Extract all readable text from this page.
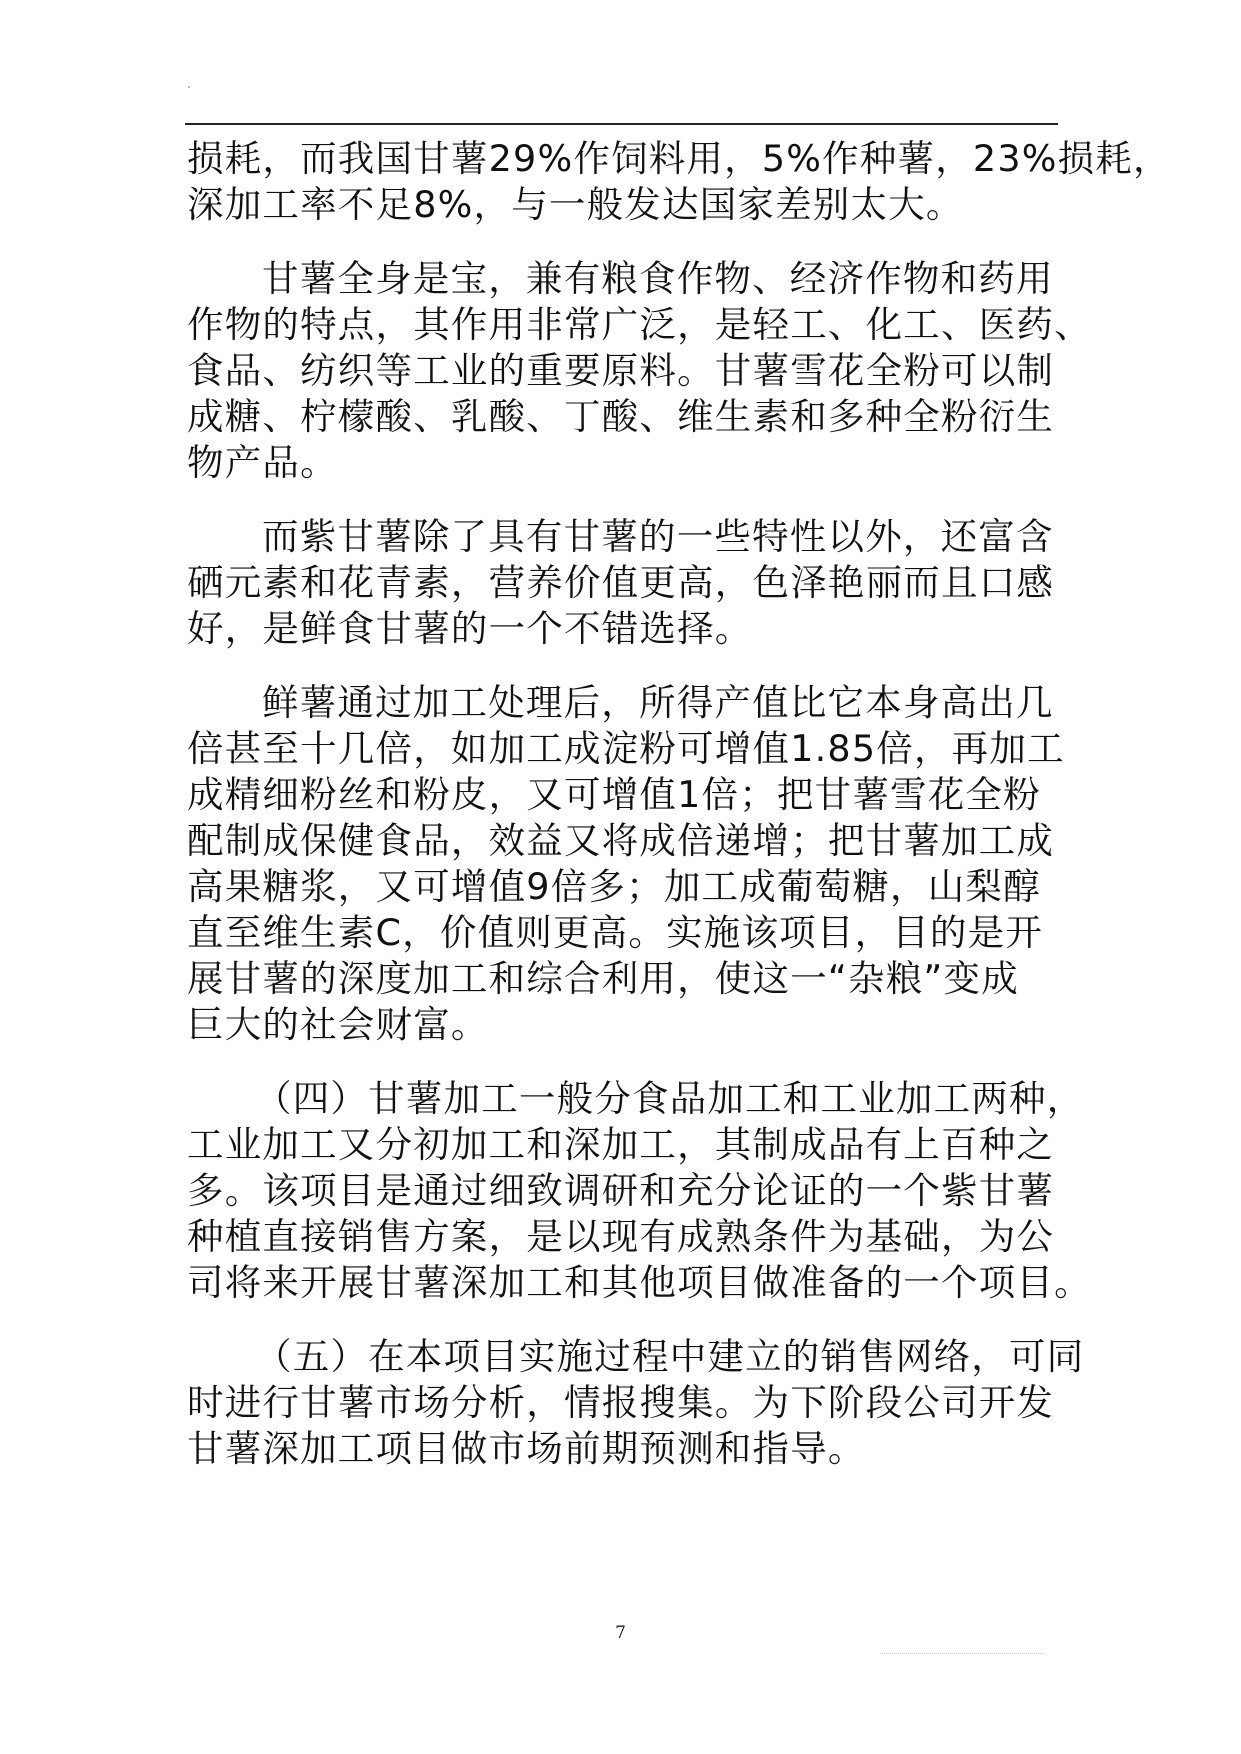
损耗，而我国甘薯29%作饲料用，5%作种薯，23%损耗，
深加工率不足8%，与一般发达国家差别太大。
甘薯全身是宝，兼有粮食作物、经济作物和药用
作物的特点，其作用非常广泛，是轻工、化工、医药、
食品、纺织等工业的重要原料。甘薯雪花全粉可以制
成糖、柠檬酸、乳酸、丁酸、维生素和多种全粉衍生
物产品。
而紫甘薯除了具有甘薯的一些特性以外，还富含
硒元素和花青素，营养价值更高，色泽艳丽而且口感
好，是鲜食甘薯的一个不错选择。
鲜薯通过加工处理后，所得产值比它本身高出几
倍甚至十几倍，如加工成淀粉可增值1.85倍，再加工
成精细粉丝和粉皮，又可增值1倍；把甘薯雪花全粉
配制成保健食品，效益又将成倍递增；把甘薯加工成
高果糖浆，又可增值9倍多；加工成葡萄糖，山梨醇
直至维生素C，价值则更高。实施该项目，目的是开
展甘薯的深度加工和综合利用，使这一“杂粮”变成
巨大的社会财富。
（四）甘薯加工一般分食品加工和工业加工两种，
工业加工又分初加工和深加工，其制成品有上百种之
多。该项目是通过细致调研和充分论证的一个紫甘薯
种植直接销售方案，是以现有成熟条件为基础，为公
司将来开展甘薯深加工和其他项目做准备的一个项目。
（五）在本项目实施过程中建立的销售网络，可同
时进行甘薯市场分析，情报搜集。为下阶段公司开发
甘薯深加工项目做市场前期预测和指导。
7
